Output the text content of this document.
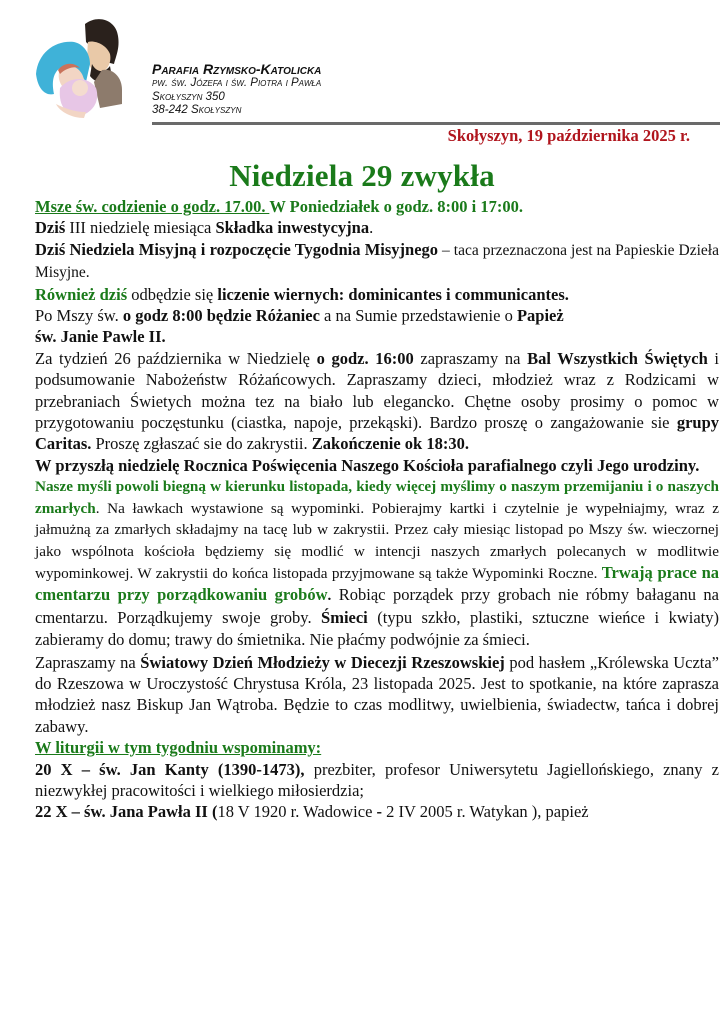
Parafia Rzymsko-Katolicka
pw. św. Józefa i św. Piotra i Pawła
Skołyszyn 350
38-242 Skołyszyn
Skołyszyn, 19 października 2025 r.
Niedziela 29 zwykła

Msze św. codzienie o godz. 17.00. W Poniedziałek o godz. 8:00 i 17:00.

Dziś III niedzielę miesiąca Składka inwestycyjna.

Dziś Niedziela Misyjną i rozpoczęcie Tygodnia Misyjnego – taca przeznaczona jest na Papieskie Dzieła Misyjne.

Również dziś odbędzie się liczenie wiernych: dominicantes i communicantes.

Po Mszy św. o godz 8:00 będzie Różaniec a na Sumie przedstawienie o Papież
św. Janie Pawle II.

Za tydzień 26 października w Niedzielę o godz. 16:00 zapraszamy na Bal Wszystkich Świętych i podsumowanie Nabożeństw Różańcowych. Zapraszamy dzieci, młodzież wraz z Rodzicami w przebraniach Świetych można tez na biało lub elegancko. Chętne osoby prosimy o pomoc w przygotowaniu poczęstunku (ciastka, napoje, przekąski). Bardzo proszę o zangażowanie sie grupy Caritas. Proszę zgłaszać sie do zakrystii. Zakończenie ok 18:30.

W przyszłą niedzielę Rocznica Poświęcenia Naszego Kościoła parafialnego czyli Jego urodziny.

Nasze myśli powoli biegną w kierunku listopada, kiedy więcej myślimy o naszym przemijaniu i o naszych zmarłych. Na ławkach wystawione są wypominki. Pobierajmy kartki i czytelnie je wypełniajmy, wraz z jałmużną za zmarłych składajmy na tacę lub w zakrystii. Przez cały miesiąc listopad po Mszy św. wieczornej jako wspólnota kościoła będziemy się modlić w intencji naszych zmarłych polecanych w modlitwie wypominkowej. W zakrystii do końca listopada przyjmowane są także Wypominki Roczne. Trwają prace na cmentarzu przy porządkowaniu grobów. Robiąc porządek przy grobach nie róbmy bałaganu na cmentarzu. Porządkujemy swoje groby. Śmieci (typu szkło, plastiki, sztuczne wieńce i kwiaty) zabieramy do domu; trawy do śmietnika. Nie płaćmy podwójnie za śmieci.

Zapraszamy na Światowy Dzień Młodzieży w Diecezji Rzeszowskiej pod hasłem „Królewska Uczta” do Rzeszowa w Uroczystość Chrystusa Króla, 23 listopada 2025. Jest to spotkanie, na które zaprasza młodzież nasz Biskup Jan Wątroba. Będzie to czas modlitwy, uwielbienia, świadectw, tańca i dobrej zabawy.

W liturgii w tym tygodniu wspominamy:

20 X – św. Jan Kanty (1390-1473), prezbiter, profesor Uniwersytetu Jagiellońskiego, znany z niezwykłej pracowitości i wielkiego miłosierdzia;

22 X – św. Jana Pawła II (18 V 1920 r. Wadowice - 2 IV 2005 r. Watykan ), papież
